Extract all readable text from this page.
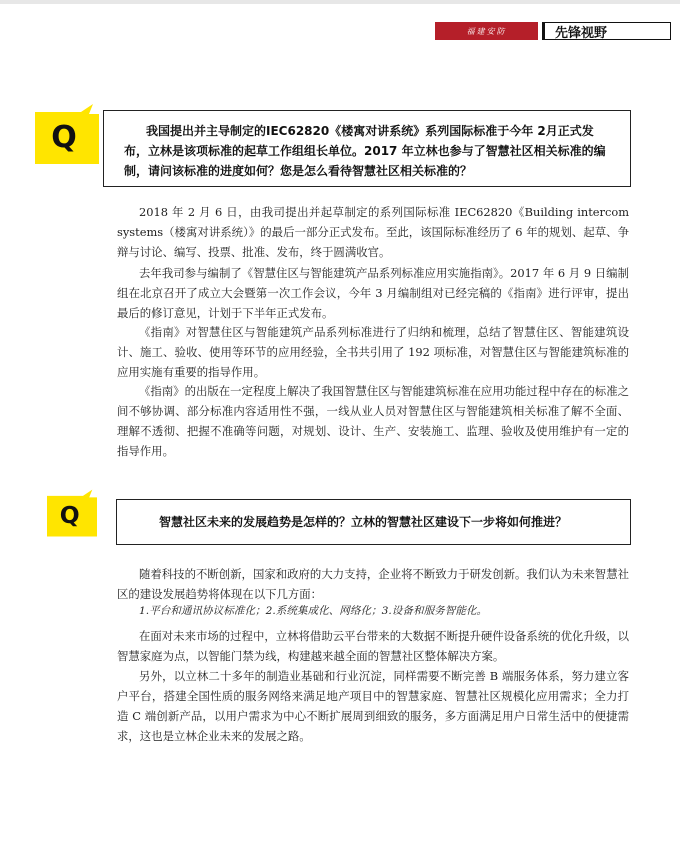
福建安防	先锋视野
Q	我国提出并主导制定的IEC62820《楼寓对讲系统》系列国际标准于今年 2月正式发布，立林是该项标准的起草工作组组长单位。2017 年立林也参与了智慧社区相关标准的编制，请问该标准的进度如何？您是怎么看待智慧社区相关标准的？

2018 年 2 月 6 日，由我司提出并起草制定的系列国际标准 IEC62820《Building intercom systems（楼寓对讲系统）》的最后一部分正式发布。至此，该国际标准经历了 6 年的规划、起草、争辩与讨论、编写、投票、批准、发布，终于圆满收官。

去年我司参与编制了《智慧住区与智能建筑产品系列标准应用实施指南》。2017 年 6 月 9 日编制组在北京召开了成立大会暨第一次工作会议，今年 3 月编制组对已经完稿的《指南》进行评审，提出最后的修订意见，计划于下半年正式发布。

《指南》对智慧住区与智能建筑产品系列标准进行了归纳和梳理，总结了智慧住区、智能建筑设计、施工、验收、使用等环节的应用经验，全书共引用了 192 项标准，对智慧住区与智能建筑标准的应用实施有重要的指导作用。

《指南》的出版在一定程度上解决了我国智慧住区与智能建筑标准在应用功能过程中存在的标准之间不够协调、部分标准内容适用性不强，一线从业人员对智慧住区与智能建筑相关标准了解不全面、理解不透彻、把握不准确等问题，对规划、设计、生产、安装施工、监理、验收及使用维护有一定的指导作用。

Q	智慧社区未来的发展趋势是怎样的？立林的智慧社区建设下一步将如何推进？

随着科技的不断创新，国家和政府的大力支持，企业将不断致力于研发创新。我们认为未来智慧社区的建设发展趋势将体现在以下几方面：

1.平台和通讯协议标准化；2.系统集成化、网络化；3.设备和服务智能化。

在面对未来市场的过程中，立林将借助云平台带来的大数据不断提升硬件设备系统的优化升级，以智慧家庭为点，以智能门禁为线，构建越来越全面的智慧社区整体解决方案。

另外，以立林二十多年的制造业基础和行业沉淀，同样需要不断完善 B 端服务体系，努力建立客户平台，搭建全国性质的服务网络来满足地产项目中的智慧家庭、智慧社区规模化应用需求；全力打造 C 端创新产品，以用户需求为中心不断扩展周到细致的服务，多方面满足用户日常生活中的便捷需求，这也是立林企业未来的发展之路。
